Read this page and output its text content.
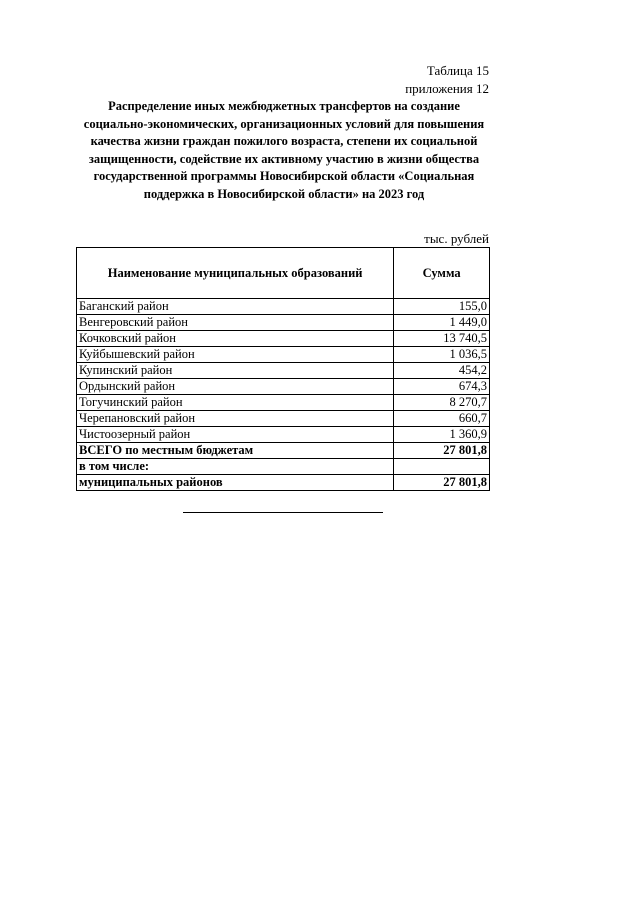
Таблица 15
приложения 12
Распределение иных межбюджетных трансфертов на создание социально-экономических, организационных условий для повышения качества жизни граждан пожилого возраста, степени их социальной защищенности, содействие их активному участию в жизни общества государственной программы Новосибирской области «Социальная поддержка в Новосибирской области» на 2023 год
тыс. рублей
Наименование муниципальных образований	Сумма
Баганский район	155,0
Венгеровский район	1 449,0
Кочковский район	13 740,5
Куйбышевский район	1 036,5
Купинский район	454,2
Ордынский район	674,3
Тогучинский район	8 270,7
Черепановский район	660,7
Чистоозерный район	1 360,9
ВСЕГО по местным бюджетам	27 801,8
в том числе:	
муниципальных районов	27 801,8
